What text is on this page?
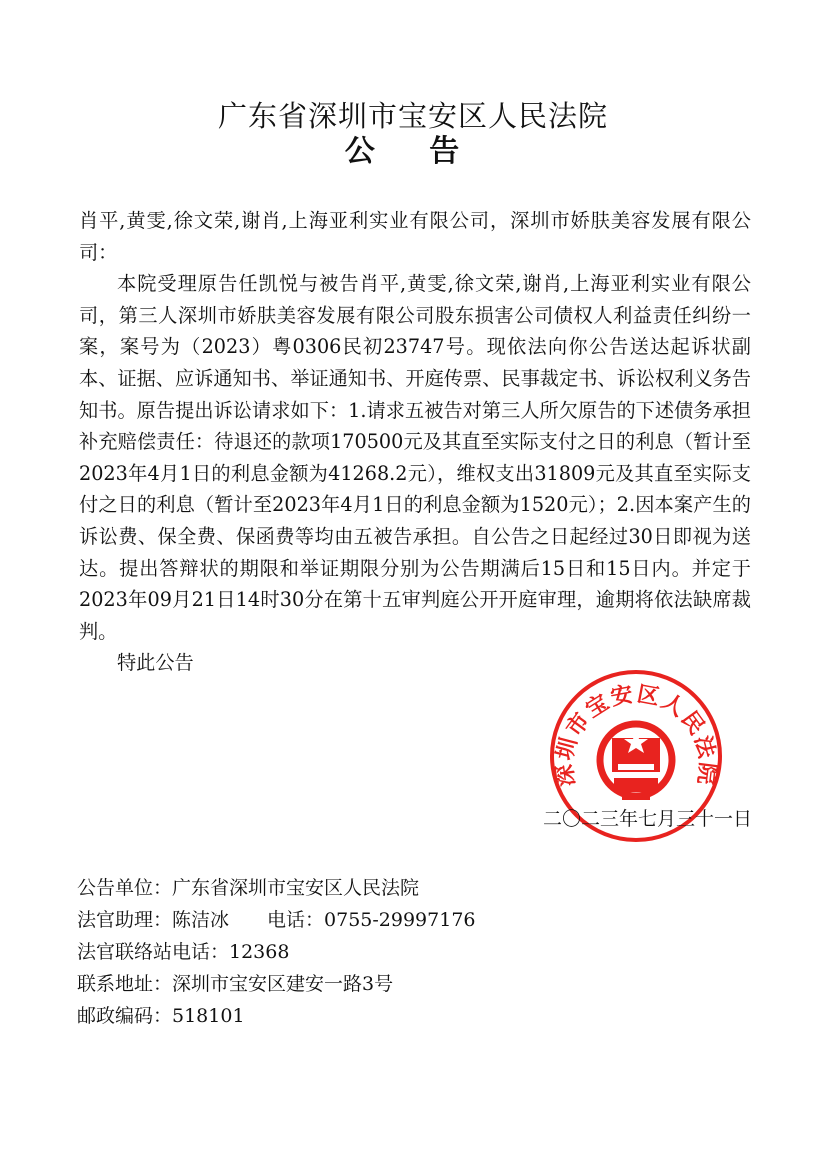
广东省深圳市宝安区人民法院
公 告

肖平,黄雯,徐文荣,谢肖,上海亚利实业有限公司，深圳市娇肤美容发展有限公司：

本院受理原告任凯悦与被告肖平,黄雯,徐文荣,谢肖,上海亚利实业有限公司，第三人深圳市娇肤美容发展有限公司股东损害公司债权人利益责任纠纷一案，案号为（2023）粤0306民初23747号。现依法向你公告送达起诉状副本、证据、应诉通知书、举证通知书、开庭传票、民事裁定书、诉讼权利义务告知书。原告提出诉讼请求如下：1.请求五被告对第三人所欠原告的下述债务承担补充赔偿责任：待退还的款项170500元及其直至实际支付之日的利息（暂计至2023年4月1日的利息金额为41268.2元），维权支出31809元及其直至实际支付之日的利息（暂计至2023年4月1日的利息金额为1520元）；2.因本案产生的诉讼费、保全费、保函费等均由五被告承担。自公告之日起经过30日即视为送达。提出答辩状的期限和举证期限分别为公告期满后15日和15日内。并定于2023年09月21日14时30分在第十五审判庭公开开庭审理，逾期将依法缺席裁判。

特此公告

深圳市宝安区人民法院
二〇二三年七月三十一日
公告单位：广东省深圳市宝安区人民法院
法官助理：陈洁冰 电话：0755-29997176
法官联络站电话：12368
联系地址：深圳市宝安区建安一路3号
邮政编码：518101
